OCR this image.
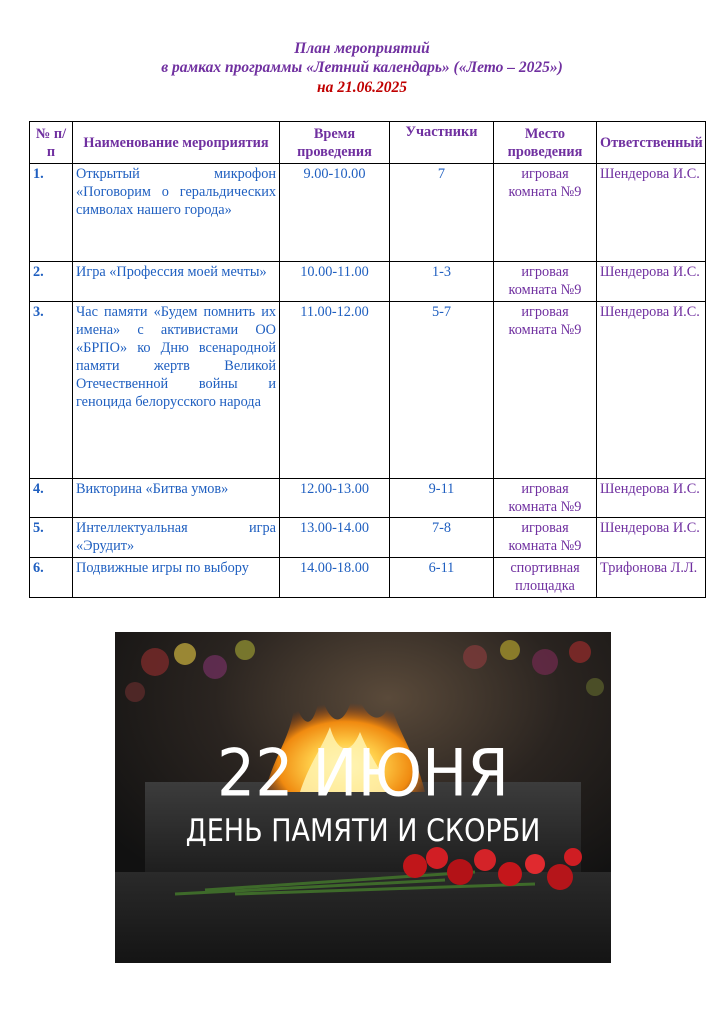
План мероприятий
в рамках программы «Летний календарь» («Лето – 2025»)
на 21.06.2025
№ п/п	Наименование мероприятия	Время проведения	Участники	Место проведения	Ответственный
1.	Открытый микрофон «Поговорим о геральдических символах нашего города»	9.00-10.00	7	игровая комната №9	Шендерова И.С.
2.	Игра «Профессия моей мечты»	10.00-11.00	1-3	игровая комната №9	Шендерова И.С.
3.	Час памяти «Будем помнить их имена» с активистами ОО «БРПО» ко Дню всенародной памяти жертв Великой Отечественной войны и геноцида белорусского народа	11.00-12.00	5-7	игровая комната №9	Шендерова И.С.
4.	Викторина «Битва умов»	12.00-13.00	9-11	игровая комната №9	Шендерова И.С.
5.	Интеллектуальная игра «Эрудит»	13.00-14.00	7-8	игровая комната №9	Шендерова И.С.
6.	Подвижные игры по выбору	14.00-18.00	6-11	спортивная площадка	Трифонова Л.Л.
22 ИЮНЯ
ДЕНЬ ПАМЯТИ И СКОРБИ
